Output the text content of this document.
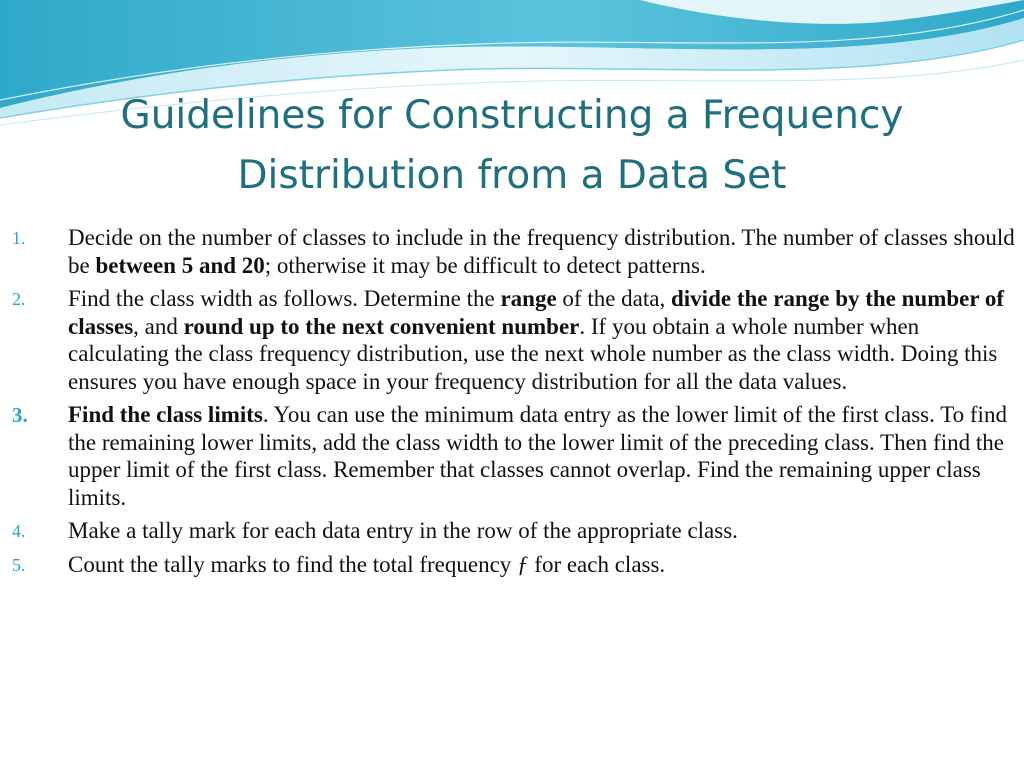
Guidelines for Constructing a Frequency
Distribution from a Data Set
1. Decide on the number of classes to include in the frequency distribution. The number of classes should be between 5 and 20; otherwise it may be difficult to detect patterns.
2. Find the class width as follows. Determine the range of the data, divide the range by the number of classes, and round up to the next convenient number. If you obtain a whole number when calculating the class frequency distribution, use the next whole number as the class width. Doing this ensures you have enough space in your frequency distribution for all the data values.
3. Find the class limits. You can use the minimum data entry as the lower limit of the first class. To find the remaining lower limits, add the class width to the lower limit of the preceding class. Then find the upper limit of the first class. Remember that classes cannot overlap. Find the remaining upper class limits.
4. Make a tally mark for each data entry in the row of the appropriate class.
5. Count the tally marks to find the total frequency ƒ for each class.
